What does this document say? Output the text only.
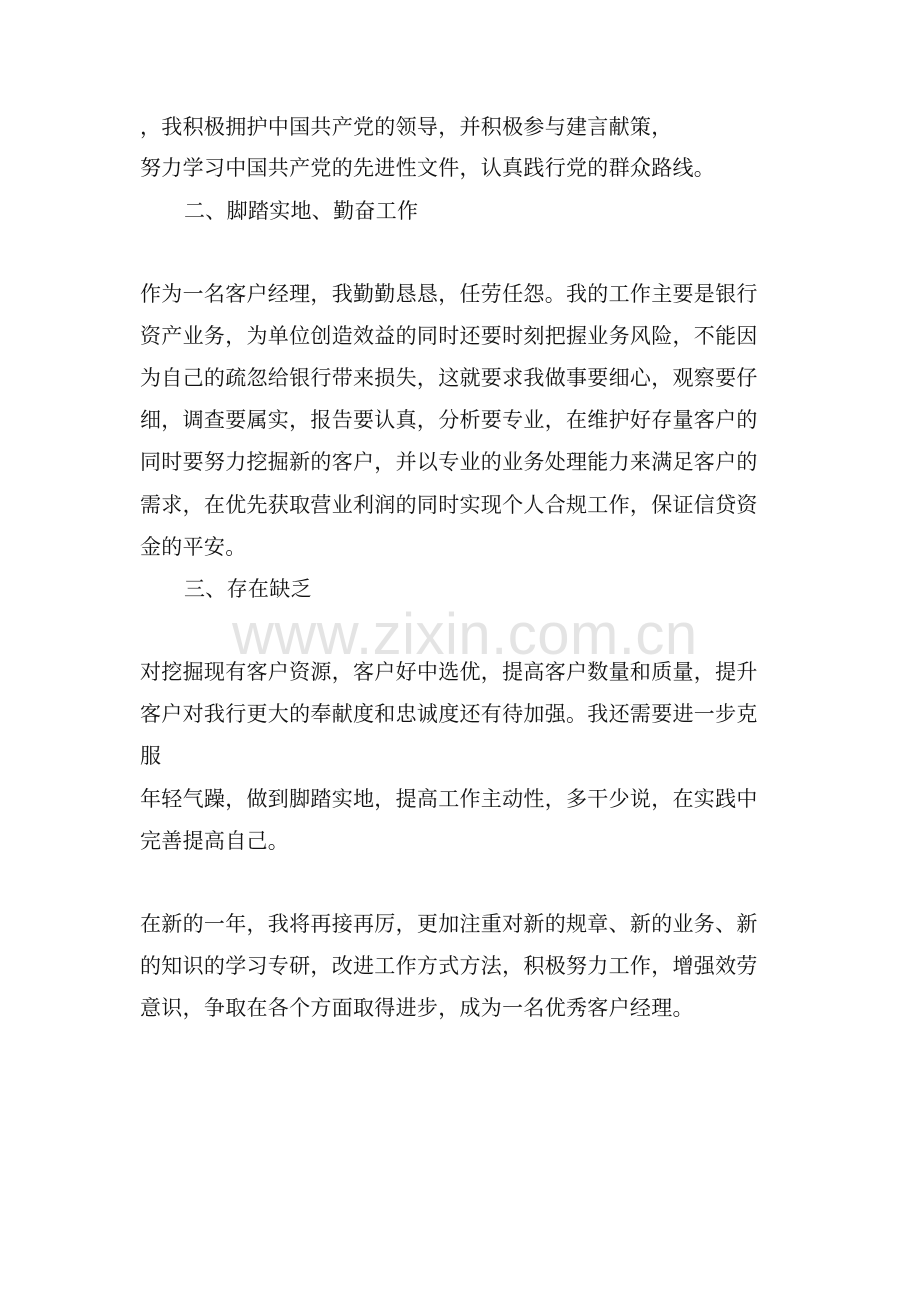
，我积极拥护中国共产党的领导，并积极参与建言献策，
努力学习中国共产党的先进性文件，认真践行党的群众路线。
二、脚踏实地、勤奋工作
作为一名客户经理，我勤勤恳恳，任劳任怨。我的工作主要是银行
资产业务，为单位创造效益的同时还要时刻把握业务风险，不能因
为自己的疏忽给银行带来损失，这就要求我做事要细心，观察要仔
细，调查要属实，报告要认真，分析要专业，在维护好存量客户的
同时要努力挖掘新的客户，并以专业的业务处理能力来满足客户的
需求，在优先获取营业利润的同时实现个人合规工作，保证信贷资
金的平安。
三、存在缺乏
www.zixin.com.cn
对挖掘现有客户资源，客户好中选优，提高客户数量和质量，提升
客户对我行更大的奉献度和忠诚度还有待加强。我还需要进一步克
服
年轻气躁，做到脚踏实地，提高工作主动性，多干少说，在实践中
完善提高自己。
在新的一年，我将再接再厉，更加注重对新的规章、新的业务、新
的知识的学习专研，改进工作方式方法，积极努力工作，增强效劳
意识，争取在各个方面取得进步，成为一名优秀客户经理。
